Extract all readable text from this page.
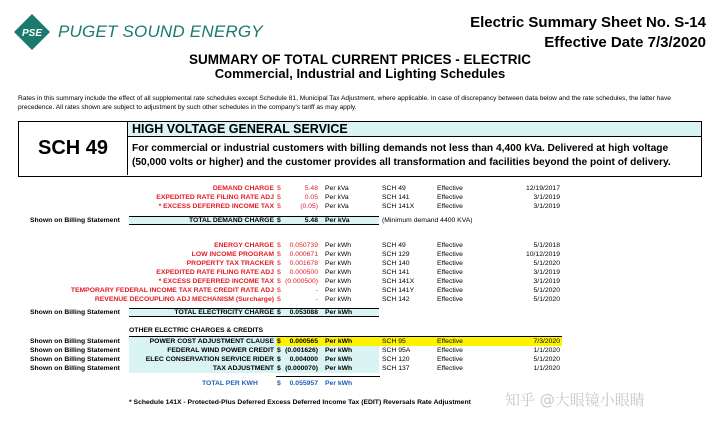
PSE PUGET SOUND ENERGY	Electric Summary Sheet No. S-14
Effective Date 7/3/2020
SUMMARY OF TOTAL CURRENT PRICES - ELECTRIC
Commercial, Industrial and Lighting Schedules
Rates in this summary include the effect of all supplemental rate schedules except Schedule 81, Municipal Tax Adjustment, where applicable. In case of discrepancy between data below and the rate schedules, the latter have precedence. All rates shown are subject to adjustment by such other schedules in the company's tariff as may apply.
SCH 49
HIGH VOLTAGE GENERAL SERVICE
For commercial or industrial customers with billing demands not less than 4,400 kVa. Delivered at high voltage (50,000 volts or higher) and the customer provides all transformation and facilities beyond the point of delivery.
DEMAND CHARGE $	5.48 Per kVa	SCH 49	Effective	12/19/2017
EXPEDITED RATE FILING RATE ADJ $	0.05 Per kVa	SCH 141	Effective	3/1/2019
* EXCESS DEFERRED INCOME TAX $	(0.05) Per kVa	SCH 141X	Effective	3/1/2019
Shown on Billing Statement	TOTAL DEMAND CHARGE $	5.48 Per kVa	(Minimum demand 4400 KVA)
ENERGY CHARGE $ 0.050739 Per kWh	SCH 49	Effective	5/1/2018
LOW INCOME PROGRAM $ 0.000671 Per kWh	SCH 129	Effective	10/12/2019
PROPERTY TAX TRACKER $ 0.001678 Per kWh	SCH 140	Effective	5/1/2020
EXPEDITED RATE FILING RATE ADJ $ 0.000500 Per kWh	SCH 141	Effective	3/1/2019
* EXCESS DEFERRED INCOME TAX $ (0.000500) Per kWh	SCH 141X	Effective	3/1/2019
TEMPORARY FEDERAL INCOME TAX RATE CREDIT RATE ADJ $	- Per kWh	SCH 141Y	Effective	5/1/2020
REVENUE DECOUPLING ADJ MECHANISM (Surcharge) $	- Per kWh	SCH 142	Effective	5/1/2020
Shown on Billing Statement	TOTAL ELECTRICITY CHARGE $ 0.053088 Per kWh
OTHER ELECTRIC CHARGES & CREDITS
Shown on Billing Statement	POWER COST ADJUSTMENT CLAUSE $ 0.000565 Per kWh	SCH 95	Effective	7/3/2020
Shown on Billing Statement	FEDERAL WIND POWER CREDIT $ (0.001626) Per kWh	SCH 95A	Effective	1/1/2020
Shown on Billing Statement	ELEC CONSERVATION SERVICE RIDER $ 0.004000 Per kWh	SCH 120	Effective	5/1/2020
Shown on Billing Statement	TAX ADJUSTMENT $ (0.000070) Per kWh	SCH 137	Effective	1/1/2020
TOTAL PER KWH	$ 0.055957 Per kWh
* Schedule 141X - Protected-Plus Deferred Excess Deferred Income Tax (EDIT) Reversals Rate Adjustment 知乎 @大眼镜小眼睛
